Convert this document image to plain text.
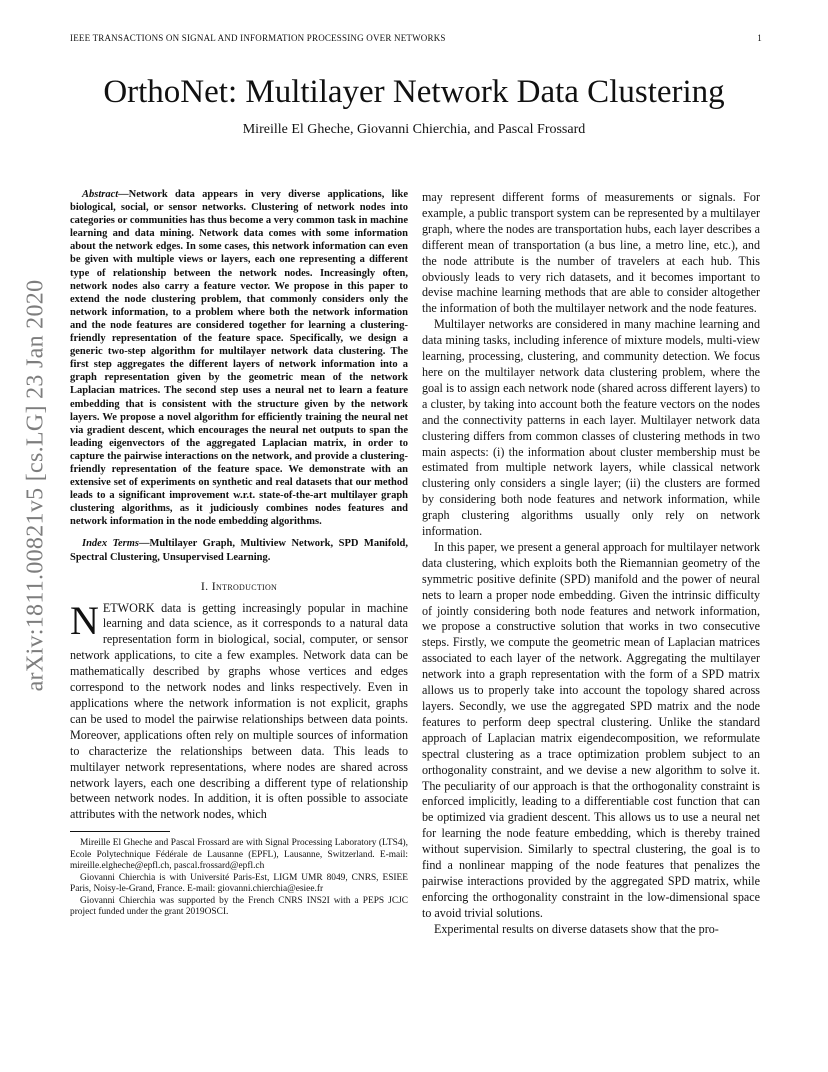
IEEE TRANSACTIONS ON SIGNAL AND INFORMATION PROCESSING OVER NETWORKS	1
arXiv:1811.00821v5 [cs.LG] 23 Jan 2020
OrthoNet: Multilayer Network Data Clustering
Mireille El Gheche, Giovanni Chierchia, and Pascal Frossard

Abstract—Network data appears in very diverse applications, like biological, social, or sensor networks. Clustering of network nodes into categories or communities has thus become a very common task in machine learning and data mining. Network data comes with some information about the network edges. In some cases, this network information can even be given with multiple views or layers, each one representing a different type of relationship between the network nodes. Increasingly often, network nodes also carry a feature vector. We propose in this paper to extend the node clustering problem, that commonly considers only the network information, to a problem where both the network information and the node features are considered together for learning a clustering-friendly representation of the feature space. Specifically, we design a generic two-step algorithm for multilayer network data clustering. The first step aggregates the different layers of network information into a graph representation given by the geometric mean of the network Laplacian matrices. The second step uses a neural net to learn a feature embedding that is consistent with the structure given by the network layers. We propose a novel algorithm for efficiently training the neural net via gradient descent, which encourages the neural net outputs to span the leading eigenvectors of the aggregated Laplacian matrix, in order to capture the pairwise interactions on the network, and provide a clustering-friendly representation of the feature space. We demonstrate with an extensive set of experiments on synthetic and real datasets that our method leads to a significant improvement w.r.t. state-of-the-art multilayer graph clustering algorithms, as it judiciously combines nodes features and network information in the node embedding algorithms.

Index Terms—Multilayer Graph, Multiview Network, SPD Manifold, Spectral Clustering, Unsupervised Learning.

I. Introduction

NETWORK data is getting increasingly popular in machine learning and data science, as it corresponds to a natural data representation form in biological, social, computer, or sensor network applications, to cite a few examples. Network data can be mathematically described by graphs whose vertices and edges correspond to the network nodes and links respectively. Even in applications where the network information is not explicit, graphs can be used to model the pairwise relationships between data points. Moreover, applications often rely on multiple sources of information to characterize the relationships between data. This leads to multilayer network representations, where nodes are shared across network layers, each one describing a different type of relationship between network nodes. In addition, it is often possible to associate attributes with the network nodes, which

Mireille El Gheche and Pascal Frossard are with Signal Processing Laboratory (LTS4), Ecole Polytechnique Fédérale de Lausanne (EPFL), Lausanne, Switzerland. E-mail: mireille.elgheche@epfl.ch, pascal.frossard@epfl.ch

Giovanni Chierchia is with Université Paris-Est, LIGM UMR 8049, CNRS, ESIEE Paris, Noisy-le-Grand, France. E-mail: giovanni.chierchia@esiee.fr

Giovanni Chierchia was supported by the French CNRS INS2I with a PEPS JCJC project funded under the grant 2019OSCI.

may represent different forms of measurements or signals. For example, a public transport system can be represented by a multilayer graph, where the nodes are transportation hubs, each layer describes a different mean of transportation (a bus line, a metro line, etc.), and the node attribute is the number of travelers at each hub. This obviously leads to very rich datasets, and it becomes important to devise machine learning methods that are able to consider altogether the information of both the multilayer network and the node features.

Multilayer networks are considered in many machine learning and data mining tasks, including inference of mixture models, multi-view learning, processing, clustering, and community detection. We focus here on the multilayer network data clustering problem, where the goal is to assign each network node (shared across different layers) to a cluster, by taking into account both the feature vectors on the nodes and the connectivity patterns in each layer. Multilayer network data clustering differs from common classes of clustering methods in two main aspects: (i) the information about cluster membership must be estimated from multiple network layers, while classical network clustering only considers a single layer; (ii) the clusters are formed by considering both node features and network information, while graph clustering algorithms usually only rely on network information.

In this paper, we present a general approach for multilayer network data clustering, which exploits both the Riemannian geometry of the symmetric positive definite (SPD) manifold and the power of neural nets to learn a proper node embedding. Given the intrinsic difficulty of jointly considering both node features and network information, we propose a constructive solution that works in two consecutive steps. Firstly, we compute the geometric mean of Laplacian matrices associated to each layer of the network. Aggregating the multilayer network into a graph representation with the form of a SPD matrix allows us to properly take into account the topology shared across layers. Secondly, we use the aggregated SPD matrix and the node features to perform deep spectral clustering. Unlike the standard approach of Laplacian matrix eigendecomposition, we reformulate spectral clustering as a trace optimization problem subject to an orthogonality constraint, and we devise a new algorithm to solve it. The peculiarity of our approach is that the orthogonality constraint is enforced implicitly, leading to a differentiable cost function that can be optimized via gradient descent. This allows us to use a neural net for learning the node feature embedding, which is thereby trained without supervision. Similarly to spectral clustering, the goal is to find a nonlinear mapping of the node features that penalizes the pairwise interactions provided by the aggregated SPD matrix, while enforcing the orthogonality constraint in the low-dimensional space to avoid trivial solutions.

Experimental results on diverse datasets show that the pro-
